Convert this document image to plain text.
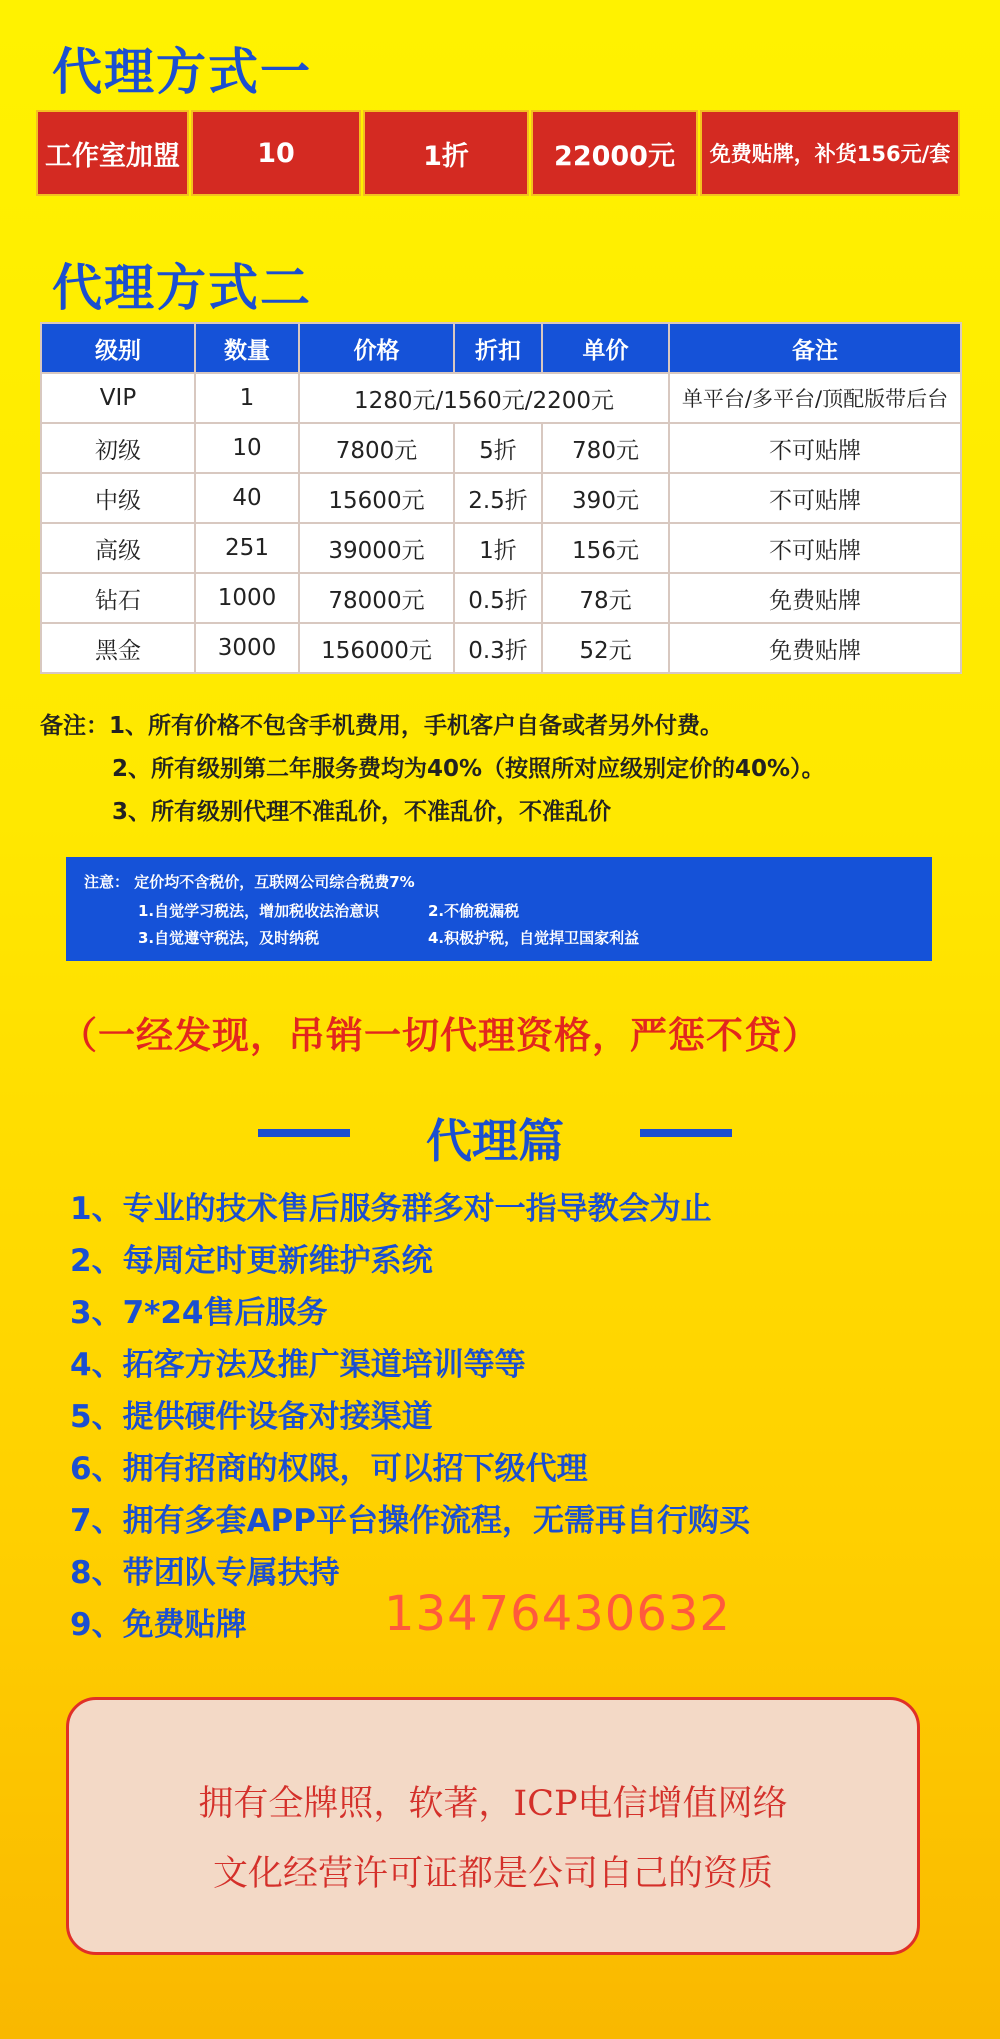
代理方式一
工作室加盟	10	1折	22000元	免费贴牌，补货156元/套
代理方式二
级别	数量	价格	折扣	单价	备注
VIP	1	1280元/1560元/2200元			单平台/多平台/顶配版带后台
初级	10	7800元	5折	780元	不可贴牌
中级	40	15600元	2.5折	390元	不可贴牌
高级	251	39000元	1折	156元	不可贴牌
钻石	1000	78000元	0.5折	78元	免费贴牌
黑金	3000	156000元	0.3折	52元	免费贴牌
备注：1、所有价格不包含手机费用，手机客户自备或者另外付费。
2、所有级别第二年服务费均为40%（按照所对应级别定价的40%）。
3、所有级别代理不准乱价，不准乱价，不准乱价
注意： 定价均不含税价，互联网公司综合税费7%
1.自觉学习税法，增加税收法治意识	2.不偷税漏税
3.自觉遵守税法，及时纳税	4.积极护税，自觉捍卫国家利益
（一经发现，吊销一切代理资格，严惩不贷）
代理篇
1、专业的技术售后服务群多对一指导教会为止
2、每周定时更新维护系统
3、7*24售后服务
4、拓客方法及推广渠道培训等等
5、提供硬件设备对接渠道
6、拥有招商的权限，可以招下级代理
7、拥有多套APP平台操作流程，无需再自行购买
8、带团队专属扶持
9、免费贴牌	13476430632
拥有全牌照，软著，ICP电信增值网络
文化经营许可证都是公司自己的资质
